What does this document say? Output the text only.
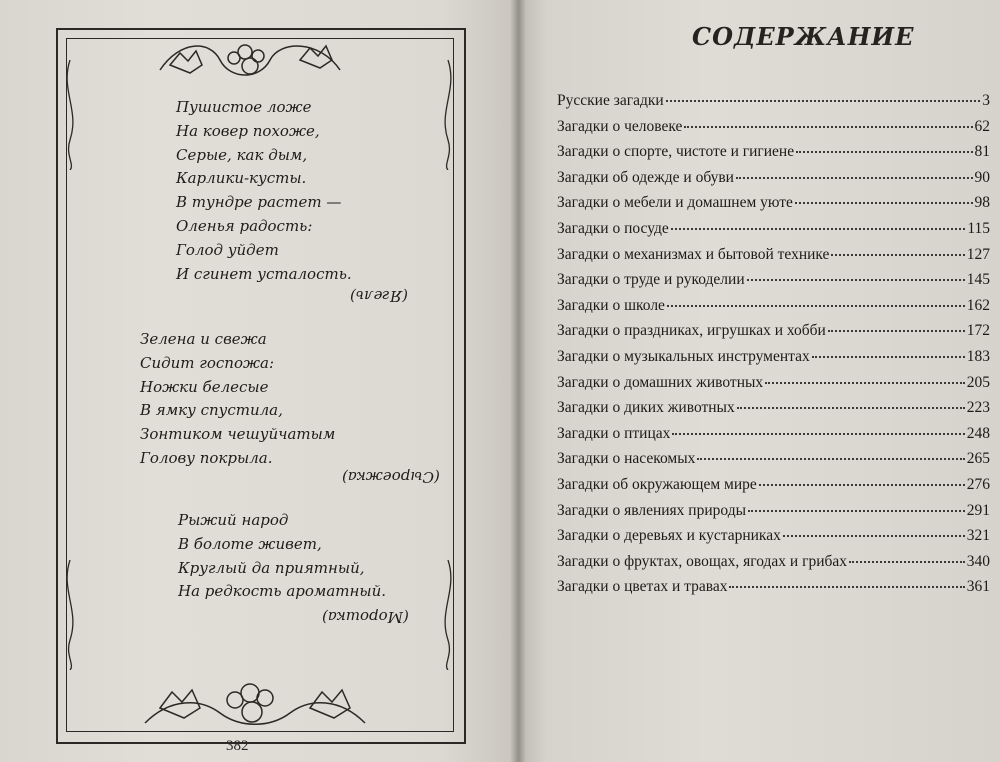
Пушистое ложе
На ковер похоже,
Серые, как дым,
Карлики-кусты.
В тундре растет —
Оленья радость:
Голод уйдет
И сгинет усталость.
(Ягель)
Зелена и свежа
Сидит госпожа:
Ножки белесые
В ямку спустила,
Зонтиком чешуйчатым
Голову покрыла.
(Сыроежка)
Рыжий народ
В болоте живет,
Круглый да приятный,
На редкость ароматный.
(Морошка)
382
СОДЕРЖАНИЕ
Русские загадки	3
Загадки о человеке	62
Загадки о спорте, чистоте и гигиене	81
Загадки об одежде и обуви	90
Загадки о мебели и домашнем уюте	98
Загадки о посуде	115
Загадки о механизмах и бытовой технике	127
Загадки о труде и рукоделии	145
Загадки о школе	162
Загадки о праздниках, игрушках и хобби	172
Загадки о музыкальных инструментах	183
Загадки о домашних животных	205
Загадки о диких животных	223
Загадки о птицах	248
Загадки о насекомых	265
Загадки об окружающем мире	276
Загадки о явлениях природы	291
Загадки о деревьях и кустарниках	321
Загадки о фруктах, овощах, ягодах и грибах	340
Загадки о цветах и травах	361
